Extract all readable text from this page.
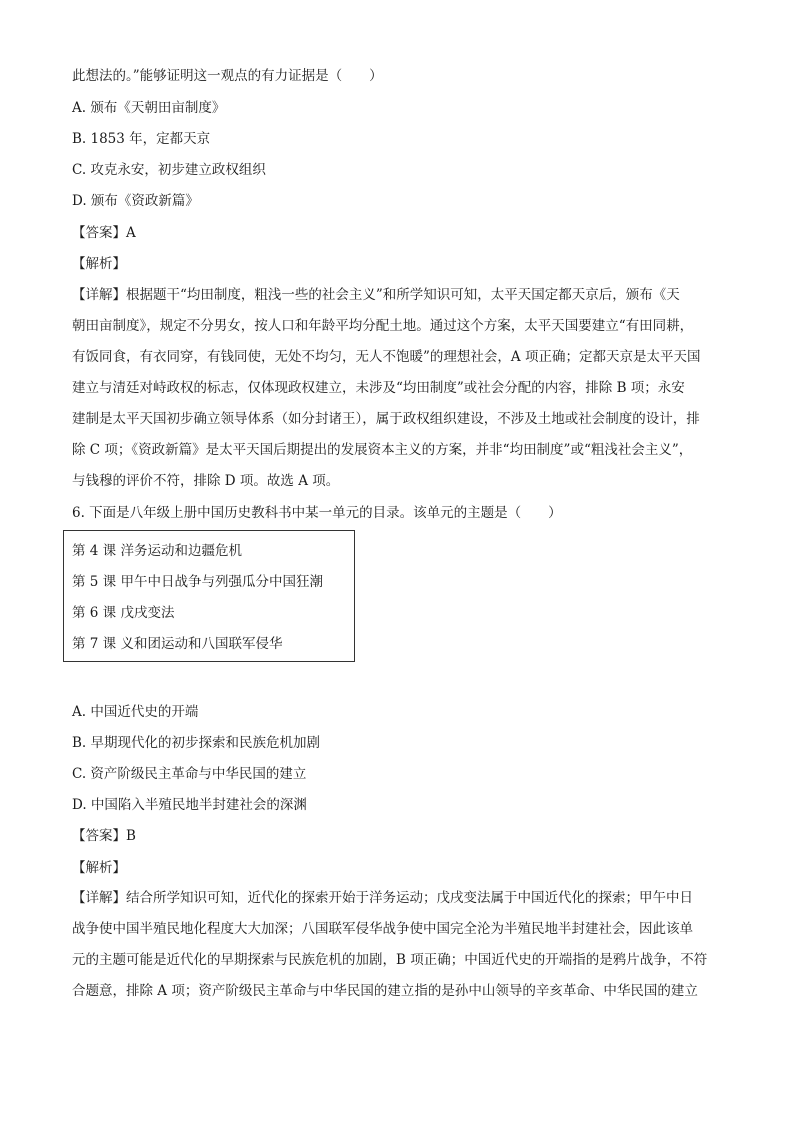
此想法的。”能够证明这一观点的有力证据是（　　）
A. 颁布《天朝田亩制度》
B. 1853 年，定都天京
C. 攻克永安，初步建立政权组织
D. 颁布《资政新篇》
【答案】A
【解析】
【详解】根据题干“均田制度，粗浅一些的社会主义”和所学知识可知，太平天国定都天京后，颁布《天
朝田亩制度》，规定不分男女，按人口和年龄平均分配土地。通过这个方案，太平天国要建立“有田同耕，
有饭同食，有衣同穿，有钱同使，无处不均匀，无人不饱暖”的理想社会，A 项正确；定都天京是太平天国
建立与清廷对峙政权的标志，仅体现政权建立，未涉及“均田制度”或社会分配的内容，排除 B 项；永安
建制是太平天国初步确立领导体系（如分封诸王），属于政权组织建设，不涉及土地或社会制度的设计，排
除 C 项；《资政新篇》是太平天国后期提出的发展资本主义的方案，并非“均田制度”或“粗浅社会主义”，
与钱穆的评价不符，排除 D 项。故选 A 项。
6. 下面是八年级上册中国历史教科书中某一单元的目录。该单元的主题是（　　）
第 4 课 洋务运动和边疆危机
第 5 课 甲午中日战争与列强瓜分中国狂潮
第 6 课 戊戌变法
第 7 课 义和团运动和八国联军侵华
A. 中国近代史的开端
B. 早期现代化的初步探索和民族危机加剧
C. 资产阶级民主革命与中华民国的建立
D. 中国陷入半殖民地半封建社会的深渊
【答案】B
【解析】
【详解】结合所学知识可知，近代化的探索开始于洋务运动；戊戌变法属于中国近代化的探索；甲午中日
战争使中国半殖民地化程度大大加深；八国联军侵华战争使中国完全沦为半殖民地半封建社会，因此该单
元的主题可能是近代化的早期探索与民族危机的加剧，B 项正确；中国近代史的开端指的是鸦片战争，不符
合题意，排除 A 项；资产阶级民主革命与中华民国的建立指的是孙中山领导的辛亥革命、中华民国的建立
